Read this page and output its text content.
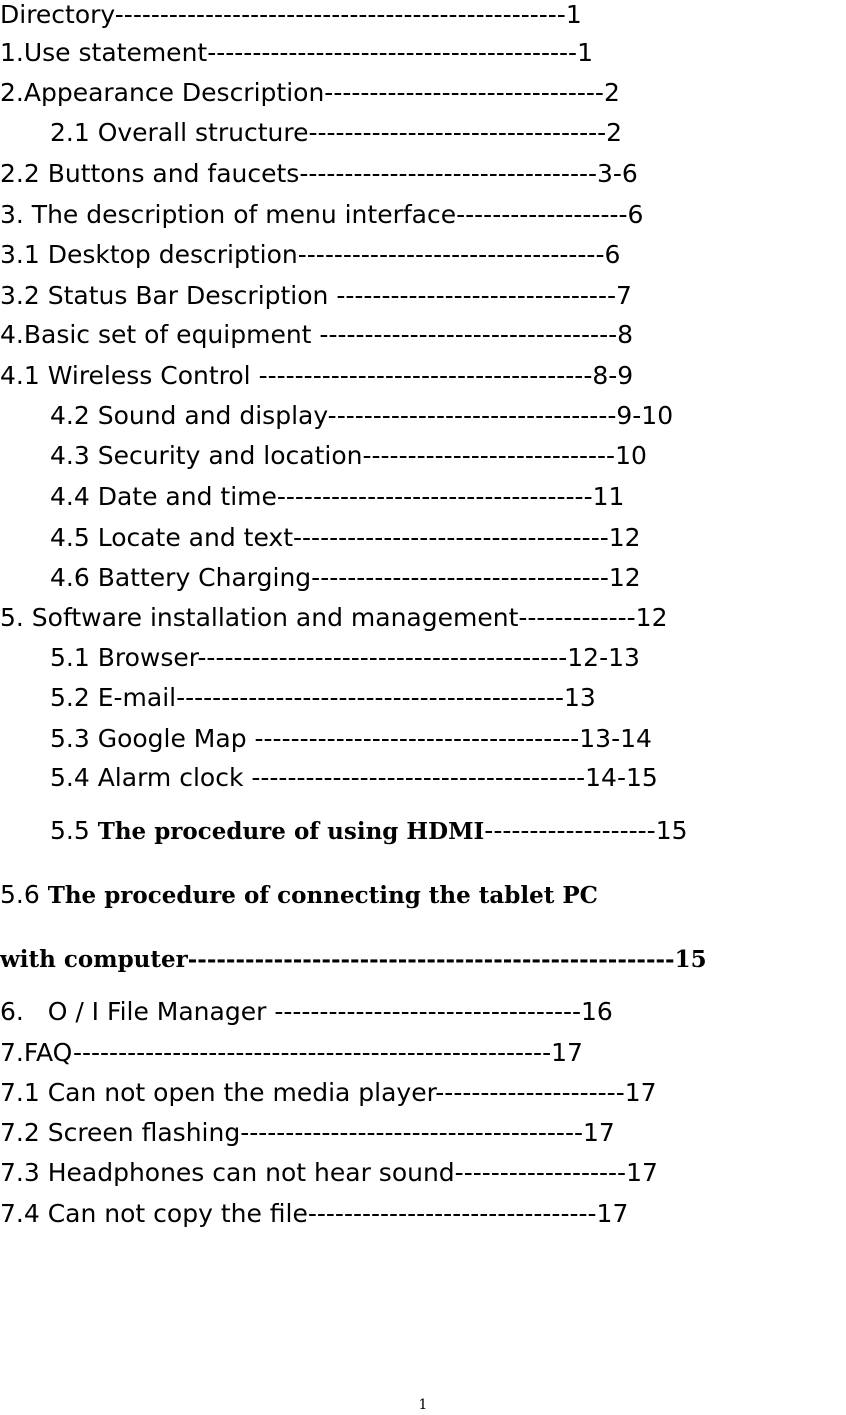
Directory--------------------------------------------------1
1.Use statement-----------------------------------------1
2.Appearance Description-------------------------------2
2.1 Overall structure---------------------------------2
2.2 Buttons and faucets---------------------------------3-6
3. The description of menu interface-------------------6
3.1 Desktop description----------------------------------6
3.2 Status Bar Description -------------------------------7
4.Basic set of equipment ---------------------------------8
4.1 Wireless Control -------------------------------------8-9
4.2 Sound and display--------------------------------9-10
4.3 Security and location----------------------------10
4.4 Date and time-----------------------------------11
4.5 Locate and text-----------------------------------12
4.6 Battery Charging---------------------------------12
5. Software installation and management-------------12
5.1 Browser-----------------------------------------12-13
5.2 E-mail-------------------------------------------13
5.3 Google Map ------------------------------------13-14
5.4 Alarm clock -------------------------------------14-15
5.5 The procedure of using HDMI-------------------15
5.6 The procedure of connecting the tablet PC
with computer---------------------------------------------------15
6.   O / I File Manager ----------------------------------16
7.FAQ-----------------------------------------------------17
7.1 Can not open the media player---------------------17
7.2 Screen flashing--------------------------------------17
7.3 Headphones can not hear sound-------------------17
7.4 Can not copy the file--------------------------------17
1
